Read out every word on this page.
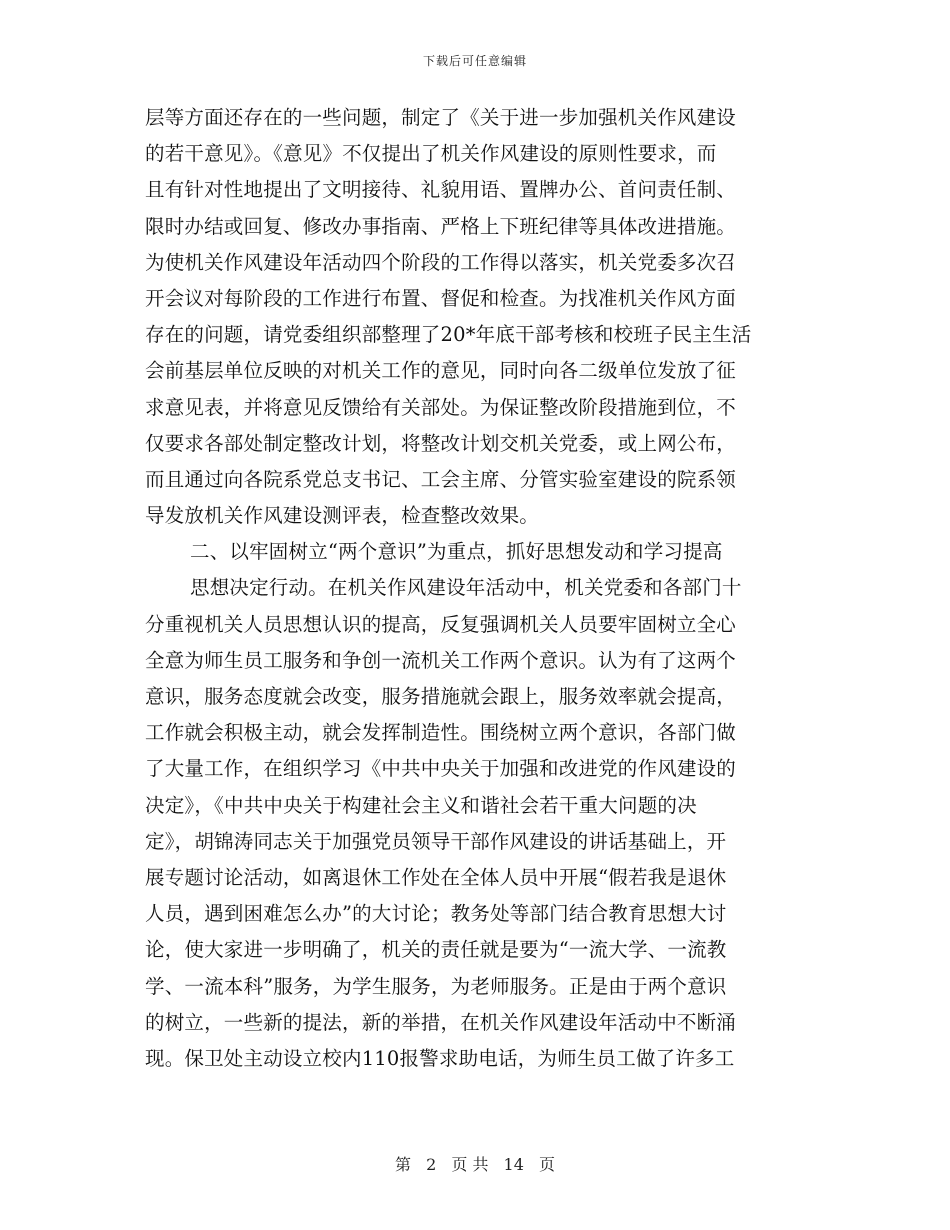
下载后可任意编辑
层等方面还存在的一些问题，制定了《关于进一步加强机关作风建设
的若干意见》。《意见》不仅提出了机关作风建设的原则性要求，而
且有针对性地提出了文明接待、礼貌用语、置牌办公、首问责任制、
限时办结或回复、修改办事指南、严格上下班纪律等具体改进措施。
为使机关作风建设年活动四个阶段的工作得以落实，机关党委多次召
开会议对每阶段的工作进行布置、督促和检查。为找准机关作风方面
存在的问题，请党委组织部整理了20*年底干部考核和校班子民主生活
会前基层单位反映的对机关工作的意见，同时向各二级单位发放了征
求意见表，并将意见反馈给有关部处。为保证整改阶段措施到位，不
仅要求各部处制定整改计划，将整改计划交机关党委，或上网公布，
而且通过向各院系党总支书记、工会主席、分管实验室建设的院系领
导发放机关作风建设测评表，检查整改效果。
二、以牢固树立“两个意识”为重点，抓好思想发动和学习提高
思想决定行动。在机关作风建设年活动中，机关党委和各部门十
分重视机关人员思想认识的提高，反复强调机关人员要牢固树立全心
全意为师生员工服务和争创一流机关工作两个意识。认为有了这两个
意识，服务态度就会改变，服务措施就会跟上，服务效率就会提高，
工作就会积极主动，就会发挥制造性。围绕树立两个意识，各部门做
了大量工作，在组织学习《中共中央关于加强和改进党的作风建设的
决定》，《中共中央关于构建社会主义和谐社会若干重大问题的决
定》，胡锦涛同志关于加强党员领导干部作风建设的讲话基础上，开
展专题讨论活动，如离退休工作处在全体人员中开展“假若我是退休
人员，遇到困难怎么办”的大讨论；教务处等部门结合教育思想大讨
论，使大家进一步明确了，机关的责任就是要为“一流大学、一流教
学、一流本科”服务，为学生服务，为老师服务。正是由于两个意识
的树立，一些新的提法，新的举措，在机关作风建设年活动中不断涌
现。保卫处主动设立校内110报警求助电话，为师生员工做了许多工
第 2 页 共 14 页
